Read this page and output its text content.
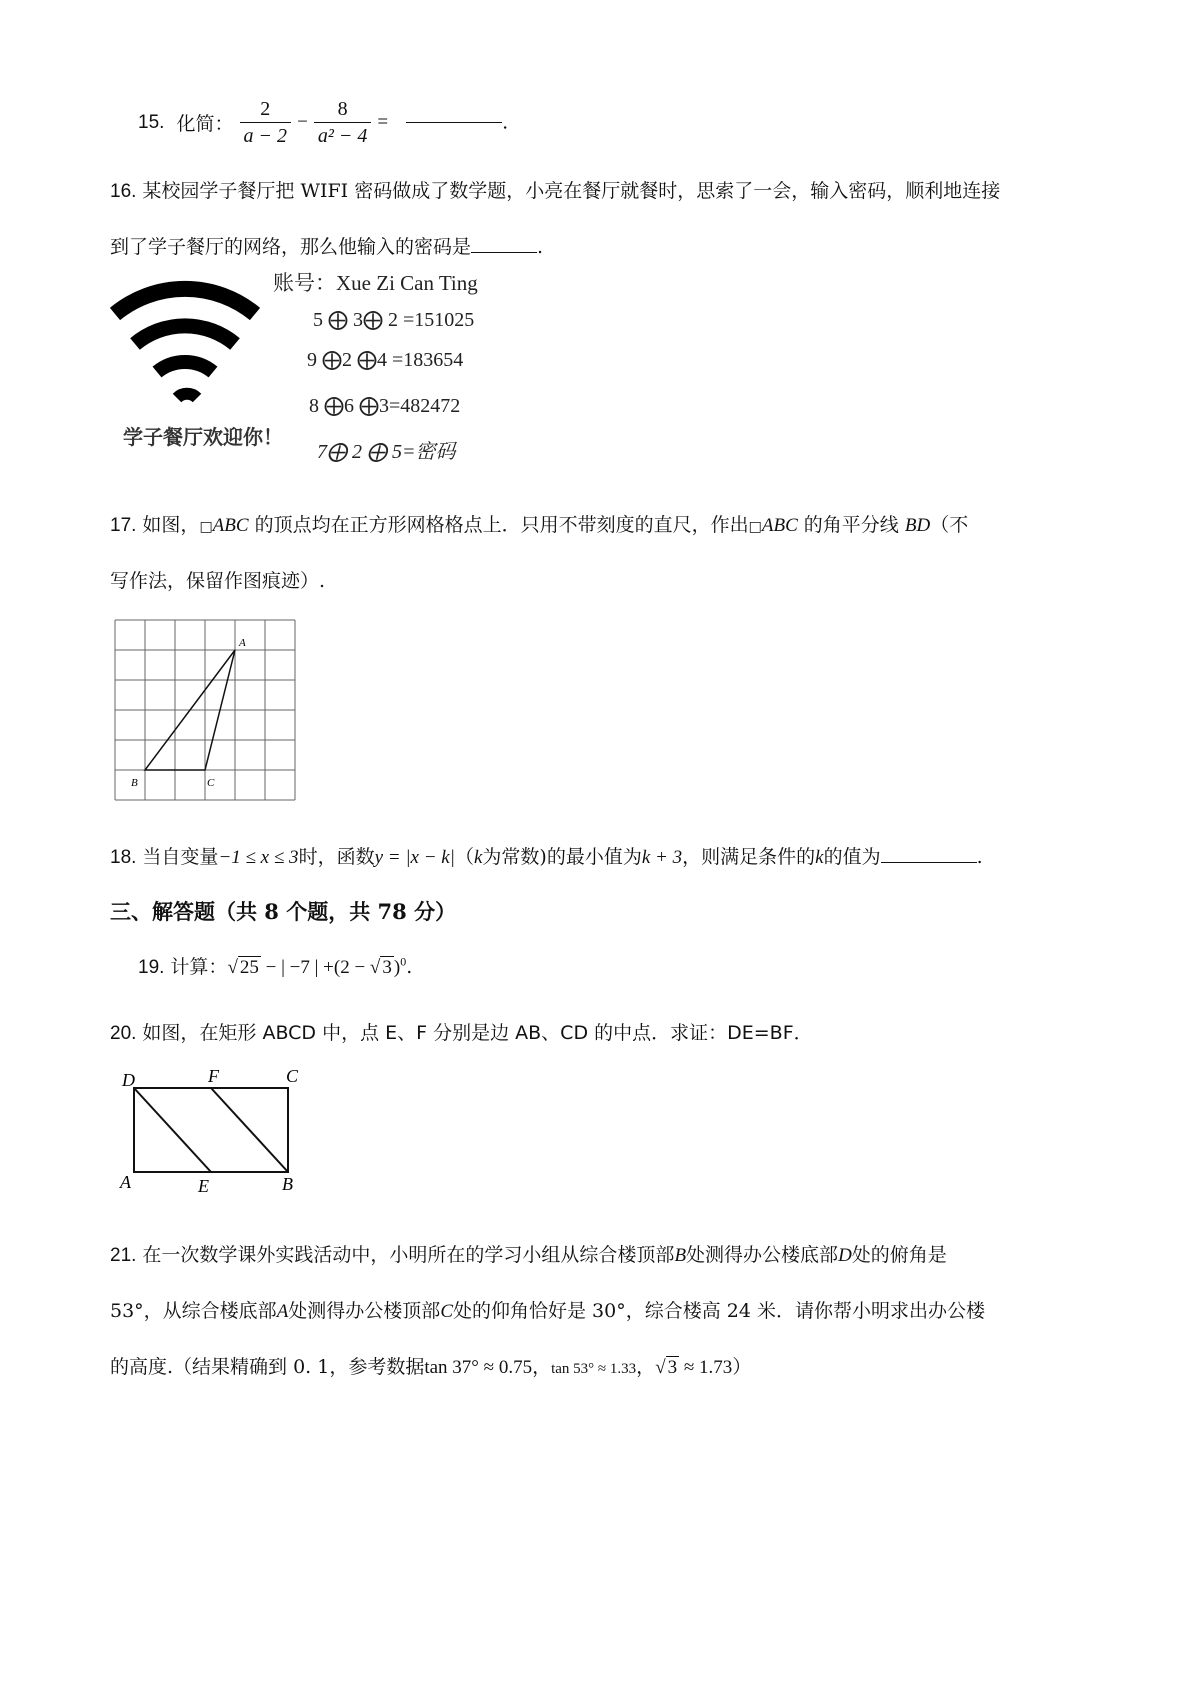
15. 化简： $\frac{2}{a - 2} - \frac{8}{\text{a² − 4}}$ =	.
16. 某校园学子餐厅把 WIFI 密码做成了数学题，小亮在餐厅就餐时，思索了一会，输入密码，顺利地连接
到了学子餐厅的网络，那么他输入的密码是	.
学子餐厅欢迎你！
账号：Xue Zi Can Ting
5 ⨁ 3⨁ 2 =151025
9 ⨁2 ⨁4 =183654
8 ⨁6 ⨁3=482472
7⨁ 2 ⨁ 5=密码
17. 如图，□ABC 的顶点均在正方形网格格点上．只用不带刻度的直尺，作出□ABC 的角平分线 BD（不
写作法，保留作图痕迹）.
A
B	C
18. 当自变量−1 ≤ x ≤ 3时，函数y = |x − k|（k为常数)的最小值为k + 3，则满足条件的k的值为	.
三、解答题（共 8 个题，共 78 分）
19. 计算：√ 25 − | −7 | +(2 − √ 3 )$^0$.
20. 如图，在矩形 ABCD 中，点 E、F 分别是边 AB、CD 的中点．求证：DE=BF．
D	F	C
A	E	B
21. 在一次数学课外实践活动中，小明所在的学习小组从综合楼顶部B处测得办公楼底部D处的俯角是
53°，从综合楼底部A处测得办公楼顶部C处的仰角恰好是 30°，综合楼高 24 米．请你帮小明求出办公楼
的高度.（结果精确到 0. 1，参考数据tan 37° ≈ 0.75，tan 53° ≈ 1.33，√ 3 ≈ 1.73）
